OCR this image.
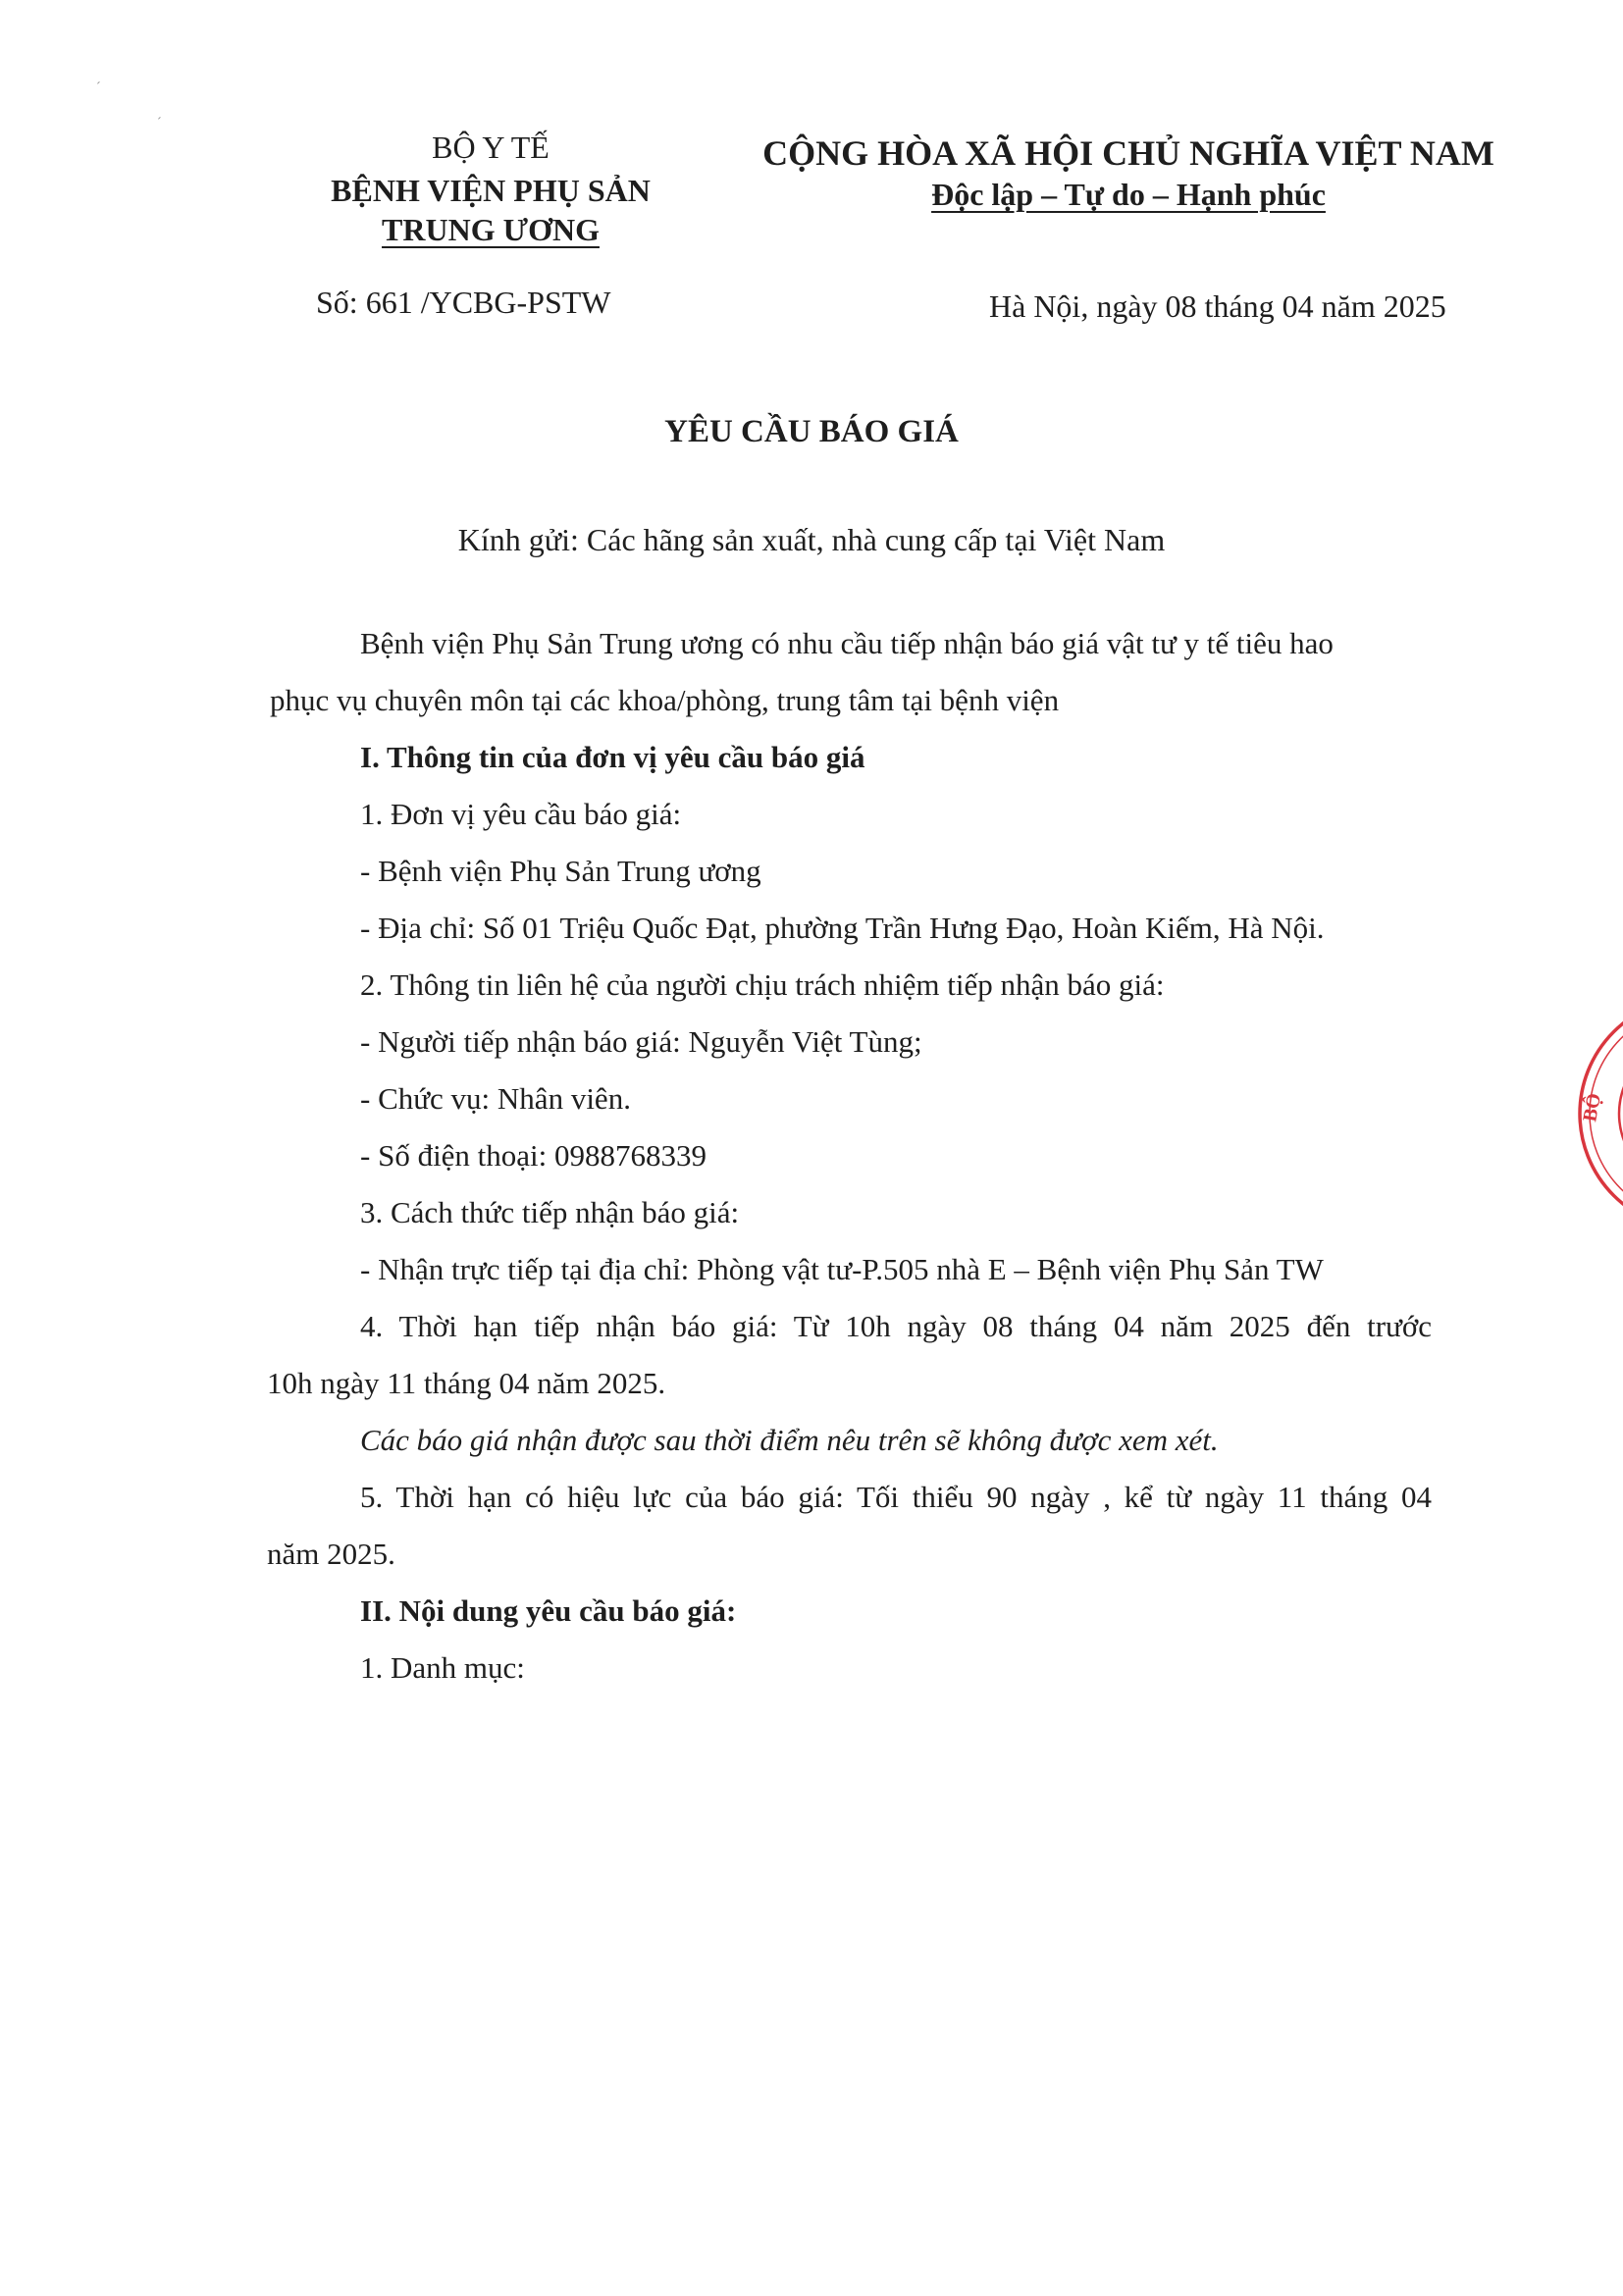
ˊ
ˊ
BỘ Y TẾ
BỆNH VIỆN PHỤ SẢN
TRUNG ƯƠNG
Số: 661 /YCBG-PSTW
CỘNG HÒA XÃ HỘI CHỦ NGHĨA VIỆT NAM
Độc lập – Tự do – Hạnh phúc
Hà Nội, ngày 08 tháng 04 năm 2025
YÊU CẦU BÁO GIÁ
Kính gửi: Các hãng sản xuất, nhà cung cấp tại Việt Nam
Bệnh viện Phụ Sản Trung ương có nhu cầu tiếp nhận báo giá vật tư y tế tiêu hao
phục vụ chuyên môn tại các khoa/phòng, trung tâm tại bệnh viện
I. Thông tin của đơn vị yêu cầu báo giá
1. Đơn vị yêu cầu báo giá:
- Bệnh viện Phụ Sản Trung ương
- Địa chỉ: Số 01 Triệu Quốc Đạt, phường Trần Hưng Đạo, Hoàn Kiếm, Hà Nội.
2. Thông tin liên hệ của người chịu trách nhiệm tiếp nhận báo giá:
- Người tiếp nhận báo giá: Nguyễn Việt Tùng;
- Chức vụ: Nhân viên.
- Số điện thoại: 0988768339
3. Cách thức tiếp nhận báo giá:
- Nhận trực tiếp tại địa chỉ: Phòng vật tư-P.505 nhà E – Bệnh viện Phụ Sản TW
4. Thời hạn tiếp nhận báo giá: Từ 10h ngày 08 tháng 04 năm 2025 đến trước
10h ngày 11 tháng 04 năm 2025.
Các báo giá nhận được sau thời điểm nêu trên sẽ không được xem xét.
5. Thời hạn có hiệu lực của báo giá: Tối thiểu 90 ngày , kể từ ngày 11 tháng 04
năm 2025.
II. Nội dung yêu cầu báo giá:
1. Danh mục:
BỘ
